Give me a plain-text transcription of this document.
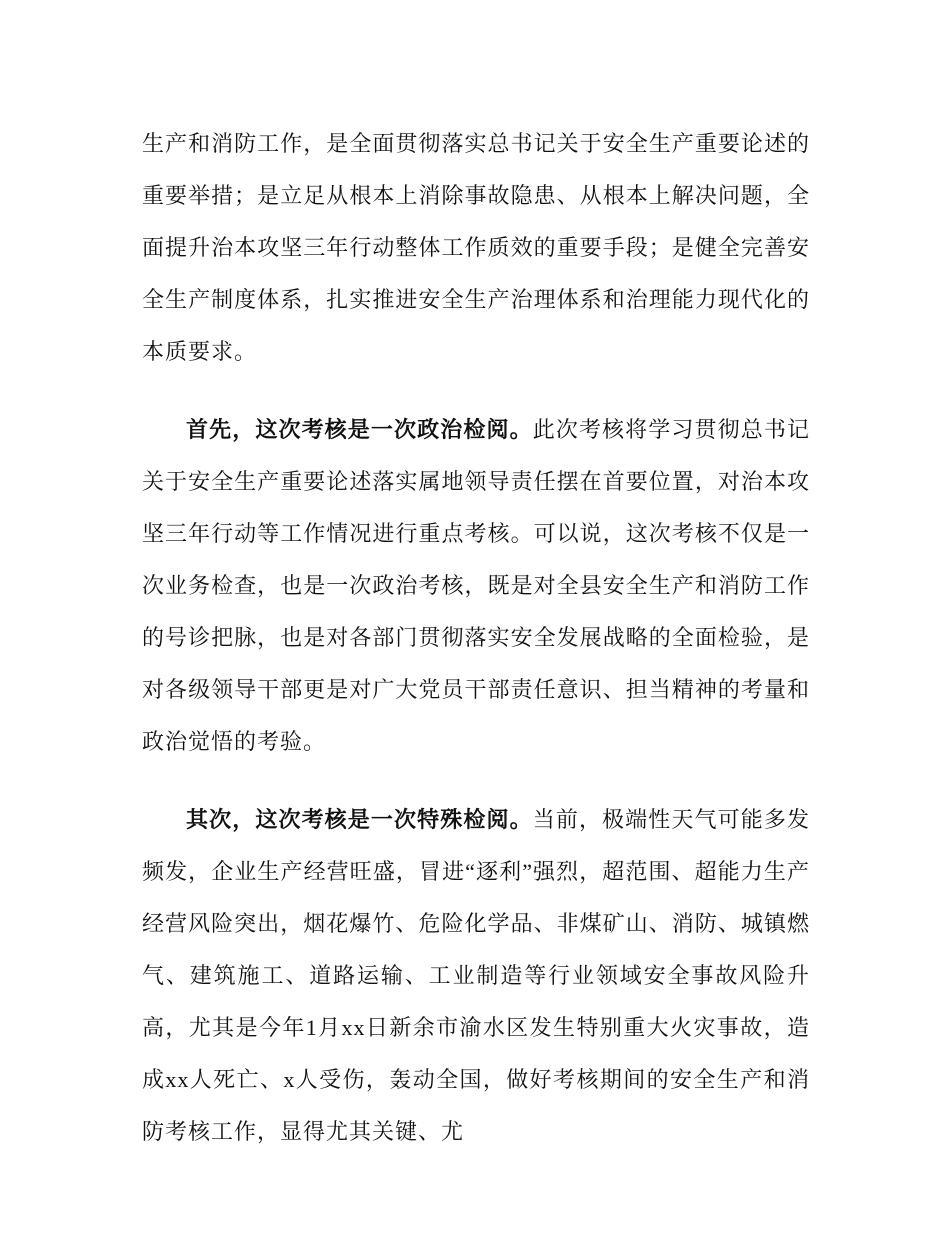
生产和消防工作，是全面贯彻落实总书记关于安全生产重要论述的重要举措；是立足从根本上消除事故隐患、从根本上解决问题，全面提升治本攻坚三年行动整体工作质效的重要手段；是健全完善安全生产制度体系，扎实推进安全生产治理体系和治理能力现代化的本质要求。

首先，这次考核是一次政治检阅。此次考核将学习贯彻总书记关于安全生产重要论述落实属地领导责任摆在首要位置，对治本攻坚三年行动等工作情况进行重点考核。可以说，这次考核不仅是一次业务检查，也是一次政治考核，既是对全县安全生产和消防工作的号诊把脉，也是对各部门贯彻落实安全发展战略的全面检验，是对各级领导干部更是对广大党员干部责任意识、担当精神的考量和政治觉悟的考验。

其次，这次考核是一次特殊检阅。当前，极端性天气可能多发频发，企业生产经营旺盛，冒进“逐利”强烈，超范围、超能力生产经营风险突出，烟花爆竹、危险化学品、非煤矿山、消防、城镇燃气、建筑施工、道路运输、工业制造等行业领域安全事故风险升高，尤其是今年1月xx日新余市渝水区发生特别重大火灾事故，造成xx人死亡、x人受伤，轰动全国，做好考核期间的安全生产和消防考核工作，显得尤其关键、尤
